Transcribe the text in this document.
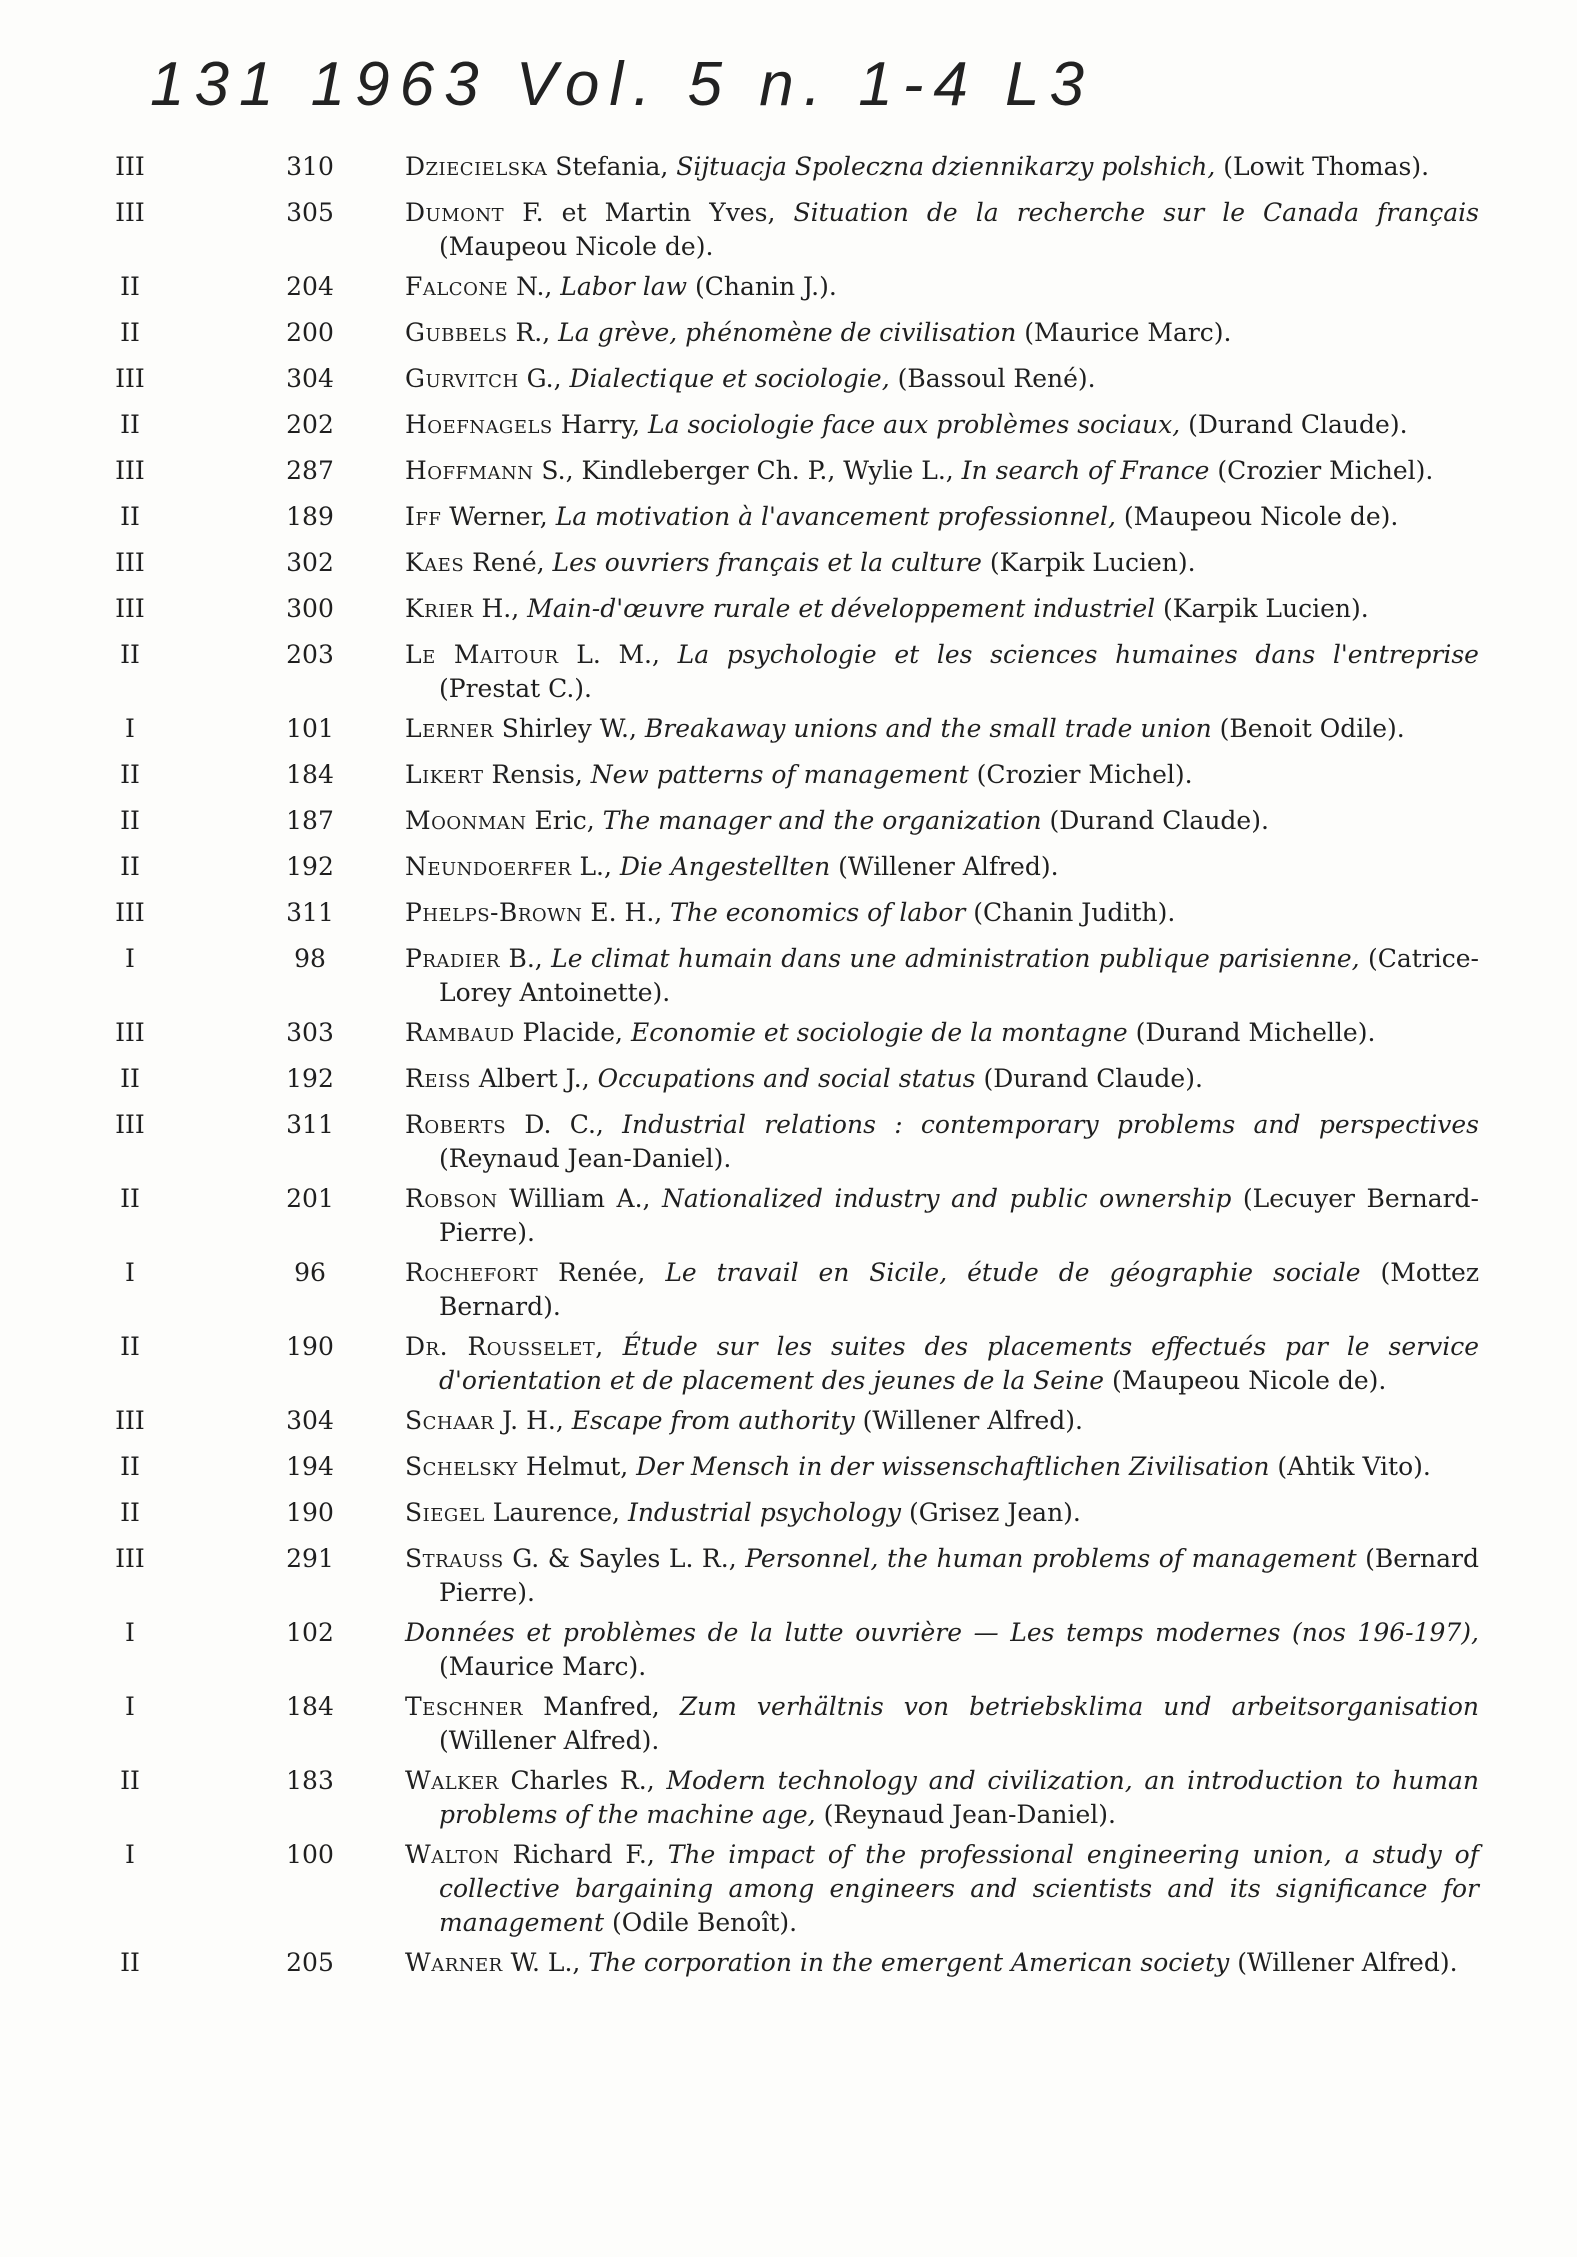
131 1963 Vol. 5 n. 1-4 L3
III	310	Dziecielska Stefania, Sijtuacja Spoleczna dziennikarzy polshich, (Lowit Thomas).
III	305	Dumont F. et Martin Yves, Situation de la recherche sur le Canada français (Maupeou Nicole de).
II	204	Falcone N., Labor law (Chanin J.).
II	200	Gubbels R., La grève, phénomène de civilisation (Maurice Marc).
III	304	Gurvitch G., Dialectique et sociologie, (Bassoul René).
II	202	Hoefnagels Harry, La sociologie face aux problèmes sociaux, (Durand Claude).
III	287	Hoffmann S., Kindleberger Ch. P., Wylie L., In search of France (Crozier Michel).
II	189	Iff Werner, La motivation à l'avancement professionnel, (Maupeou Nicole de).
III	302	Kaes René, Les ouvriers français et la culture (Karpik Lucien).
III	300	Krier H., Main-d'œuvre rurale et développement industriel (Karpik Lucien).
II	203	Le Maitour L. M., La psychologie et les sciences humaines dans l'entreprise (Prestat C.).
I	101	Lerner Shirley W., Breakaway unions and the small trade union (Benoit Odile).
II	184	Likert Rensis, New patterns of management (Crozier Michel).
II	187	Moonman Eric, The manager and the organization (Durand Claude).
II	192	Neundoerfer L., Die Angestellten (Willener Alfred).
III	311	Phelps-Brown E. H., The economics of labor (Chanin Judith).
I	98	Pradier B., Le climat humain dans une administration publique parisienne, (Catrice-Lorey Antoinette).
III	303	Rambaud Placide, Economie et sociologie de la montagne (Durand Michelle).
II	192	Reiss Albert J., Occupations and social status (Durand Claude).
III	311	Roberts D. C., Industrial relations : contemporary problems and perspectives (Reynaud Jean-Daniel).
II	201	Robson William A., Nationalized industry and public ownership (Lecuyer Bernard-Pierre).
I	96	Rochefort Renée, Le travail en Sicile, étude de géographie sociale (Mottez Bernard).
II	190	Dr. Rousselet, Étude sur les suites des placements effectués par le service d'orientation et de placement des jeunes de la Seine (Maupeou Nicole de).
III	304	Schaar J. H., Escape from authority (Willener Alfred).
II	194	Schelsky Helmut, Der Mensch in der wissenschaftlichen Zivilisation (Ahtik Vito).
II	190	Siegel Laurence, Industrial psychology (Grisez Jean).
III	291	Strauss G. & Sayles L. R., Personnel, the human problems of management (Bernard Pierre).
I	102	Données et problèmes de la lutte ouvrière — Les temps modernes (nos 196-197), (Maurice Marc).
I	184	Teschner Manfred, Zum verhältnis von betriebsklima und arbeitsorganisation (Willener Alfred).
II	183	Walker Charles R., Modern technology and civilization, an introduction to human problems of the machine age, (Reynaud Jean-Daniel).
I	100	Walton Richard F., The impact of the professional engineering union, a study of collective bargaining among engineers and scientists and its significance for management (Odile Benoît).
II	205	Warner W. L., The corporation in the emergent American society (Willener Alfred).
